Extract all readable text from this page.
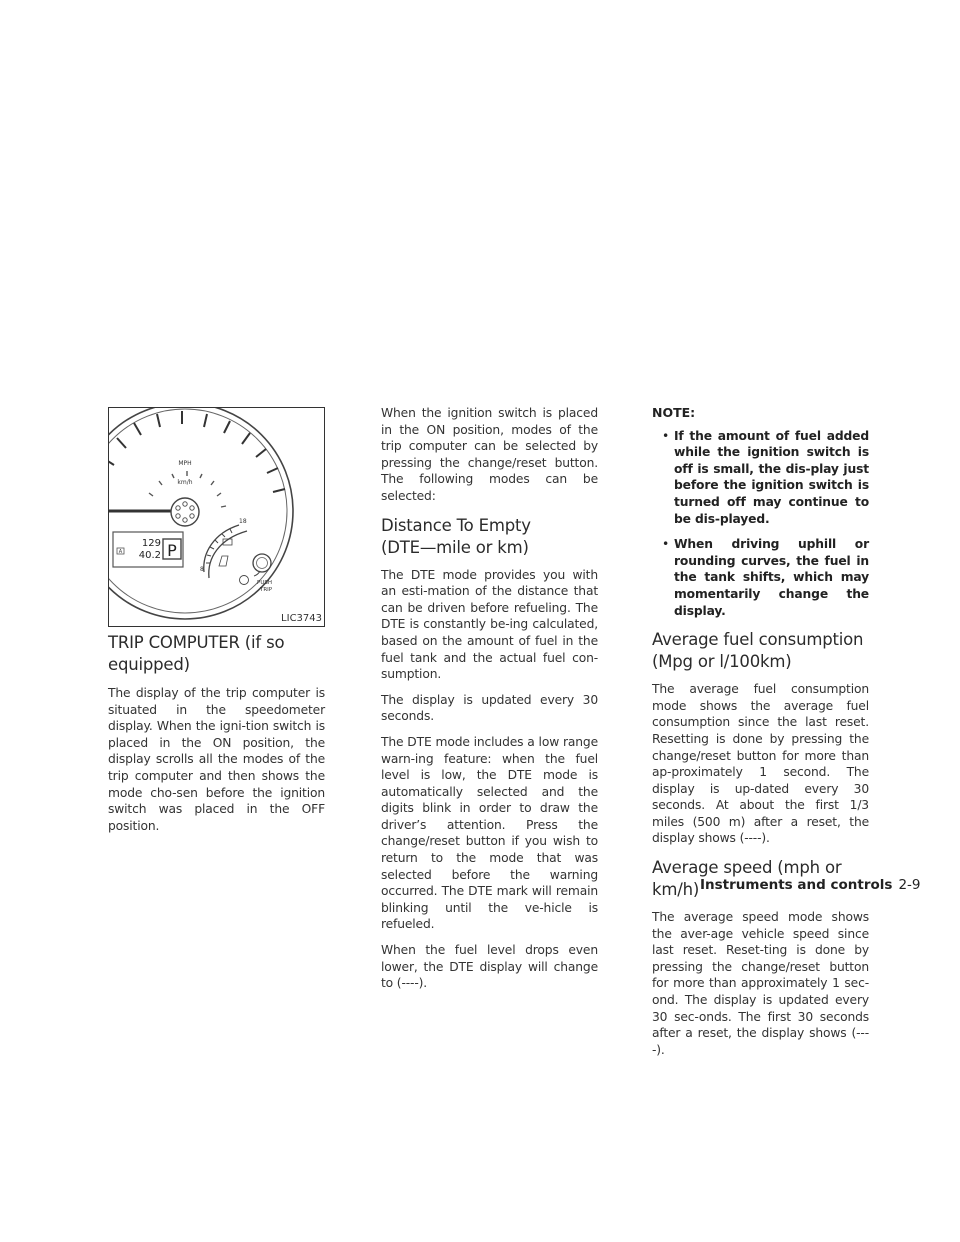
MPH
km/h
A
129
40.2 P
18
8
PUSH
TRIP
LIC3743
TRIP COMPUTER (if so equipped)

The display of the trip computer is situated in the speedometer display. When the igni-tion switch is placed in the ON position, the display scrolls all the modes of the trip computer and then shows the mode cho-sen before the ignition switch was placed in the OFF position.

When the ignition switch is placed in the ON position, modes of the trip computer can be selected by pressing the change/reset button. The following modes can be selected:

Distance To Empty
(DTE—mile or km)

The DTE mode provides you with an esti-mation of the distance that can be driven before refueling. The DTE is constantly be-ing calculated, based on the amount of fuel in the fuel tank and the actual fuel con-sumption.

The display is updated every 30 seconds.

The DTE mode includes a low range warn-ing feature: when the fuel level is low, the DTE mode is automatically selected and the digits blink in order to draw the driver’s attention. Press the change/reset button if you wish to return to the mode that was selected before the warning occurred. The DTE mark will remain blinking until the ve-hicle is refueled.

When the fuel level drops even lower, the DTE display will change to (----).

NOTE:
• If the amount of fuel added while the ignition switch is off is small, the dis-play just before the ignition switch is turned off may continue to be dis-played.
• When driving uphill or rounding curves, the fuel in the tank shifts, which may momentarily change the display.
Average fuel consumption
(Mpg or l/100km)

The average fuel consumption mode shows the average fuel consumption since the last reset. Resetting is done by pressing the change/reset button for more than ap-proximately 1 second. The display is up-dated every 30 seconds. At about the first 1/3 miles (500 m) after a reset, the display shows (----).

Average speed (mph or km/h)

The average speed mode shows the aver-age vehicle speed since last reset. Reset-ting is done by pressing the change/reset button for more than approximately 1 sec-ond. The display is updated every 30 sec-onds. The first 30 seconds after a reset, the display shows (----).

Instruments and controls 2-9
